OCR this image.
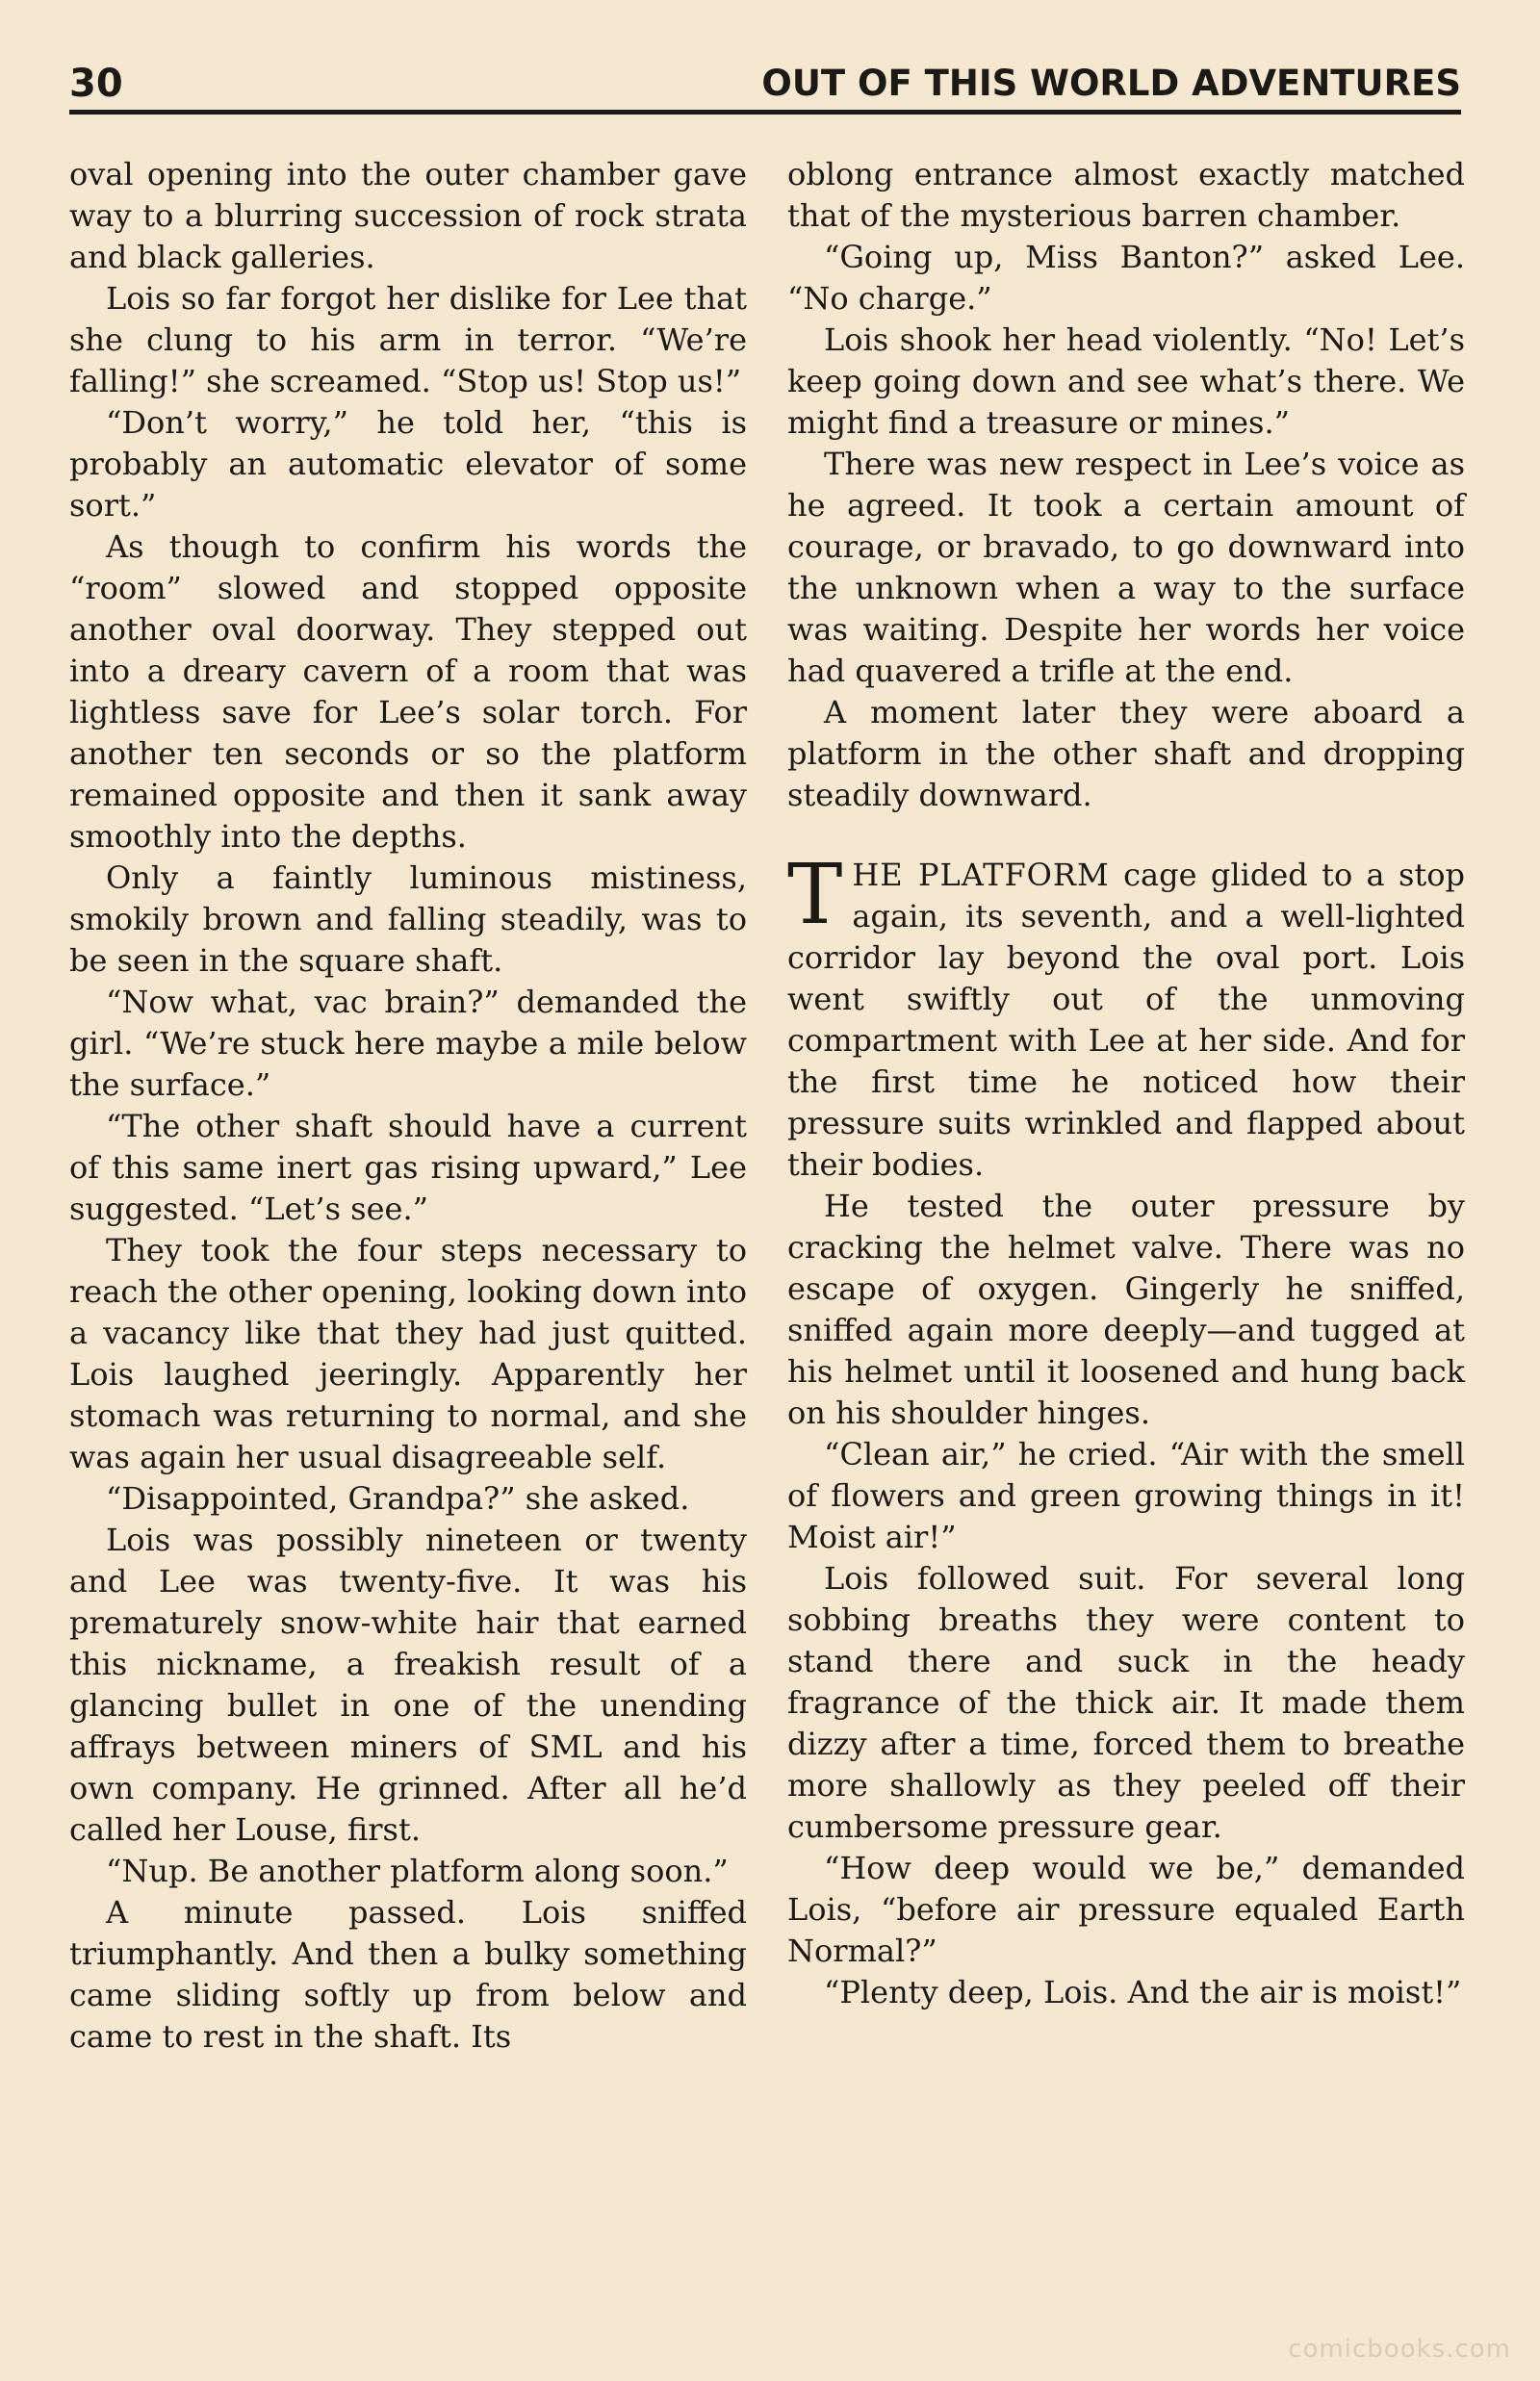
30	OUT OF THIS WORLD ADVENTURES

oval opening into the outer chamber gave way to a blurring succession of rock strata and black galleries.

Lois so far forgot her dislike for Lee that she clung to his arm in terror. “We’re falling!” she screamed. “Stop us! Stop us!”

“Don’t worry,” he told her, “this is probably an automatic elevator of some sort.”

As though to confirm his words the “room” slowed and stopped opposite another oval doorway. They stepped out into a dreary cavern of a room that was lightless save for Lee’s solar torch. For another ten seconds or so the platform remained opposite and then it sank away smoothly into the depths.

Only a faintly luminous mistiness, smokily brown and falling steadily, was to be seen in the square shaft.

“Now what, vac brain?” demanded the girl. “We’re stuck here maybe a mile below the surface.”

“The other shaft should have a current of this same inert gas rising upward,” Lee suggested. “Let’s see.”

They took the four steps necessary to reach the other opening, looking down into a vacancy like that they had just quitted. Lois laughed jeeringly. Apparently her stomach was returning to normal, and she was again her usual disagreeable self.

“Disappointed, Grandpa?” she asked.

Lois was possibly nineteen or twenty and Lee was twenty-five. It was his prematurely snow-white hair that earned this nickname, a freakish result of a glancing bullet in one of the unending affrays between miners of SML and his own company. He grinned. After all he’d called her Louse, first.

“Nup. Be another platform along soon.”

A minute passed. Lois sniffed triumphantly. And then a bulky something came sliding softly up from below and came to rest in the shaft. Its

oblong entrance almost exactly matched that of the mysterious barren chamber.

“Going up, Miss Banton?” asked Lee. “No charge.”

Lois shook her head violently. “No! Let’s keep going down and see what’s there. We might find a treasure or mines.”

There was new respect in Lee’s voice as he agreed. It took a certain amount of courage, or bravado, to go downward into the unknown when a way to the surface was waiting. Despite her words her voice had quavered a trifle at the end.

A moment later they were aboard a platform in the other shaft and dropping steadily downward.

THE PLATFORM cage glided to a stop again, its seventh, and a well-lighted corridor lay beyond the oval port. Lois went swiftly out of the unmoving compartment with Lee at her side. And for the first time he noticed how their pressure suits wrinkled and flapped about their bodies.

He tested the outer pressure by cracking the helmet valve. There was no escape of oxygen. Gingerly he sniffed, sniffed again more deeply—and tugged at his helmet until it loosened and hung back on his shoulder hinges.

“Clean air,” he cried. “Air with the smell of flowers and green growing things in it! Moist air!”

Lois followed suit. For several long sobbing breaths they were content to stand there and suck in the heady fragrance of the thick air. It made them dizzy after a time, forced them to breathe more shallowly as they peeled off their cumbersome pressure gear.

“How deep would we be,” demanded Lois, “before air pressure equaled Earth Normal?”

“Plenty deep, Lois. And the air is moist!”

comicbooks.com
